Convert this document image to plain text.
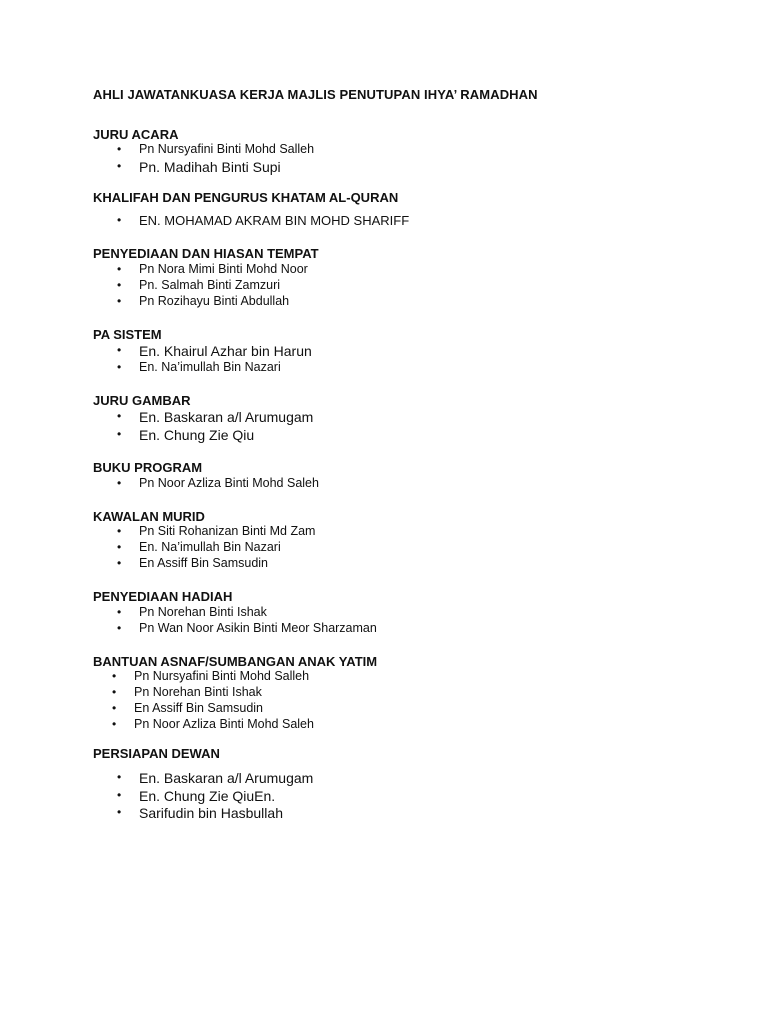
AHLI JAWATANKUASA KERJA MAJLIS PENUTUPAN IHYA’ RAMADHAN
JURU ACARA
• Pn Nursyafini Binti Mohd Salleh
• Pn. Madihah Binti Supi
KHALIFAH DAN PENGURUS KHATAM AL-QURAN
• EN. MOHAMAD AKRAM BIN MOHD SHARIFF
PENYEDIAAN DAN HIASAN TEMPAT
• Pn Nora Mimi Binti Mohd Noor
• Pn. Salmah Binti Zamzuri
• Pn Rozihayu Binti Abdullah
PA SISTEM
• En. Khairul Azhar bin Harun
• En. Na’imullah Bin Nazari
JURU GAMBAR
• En. Baskaran a/l Arumugam
• En. Chung Zie Qiu
BUKU PROGRAM
• Pn Noor Azliza Binti Mohd Saleh
KAWALAN MURID
• Pn Siti Rohanizan Binti Md Zam
• En. Na’imullah Bin Nazari
• En Assiff Bin Samsudin
PENYEDIAAN HADIAH
• Pn Norehan Binti Ishak
• Pn Wan Noor Asikin Binti Meor Sharzaman
BANTUAN ASNAF/SUMBANGAN ANAK YATIM
• Pn Nursyafini Binti Mohd Salleh
• Pn Norehan Binti Ishak
• En Assiff Bin Samsudin
• Pn Noor Azliza Binti Mohd Saleh
PERSIAPAN DEWAN
• En. Baskaran a/l Arumugam
• En. Chung Zie QiuEn.
• Sarifudin bin Hasbullah
